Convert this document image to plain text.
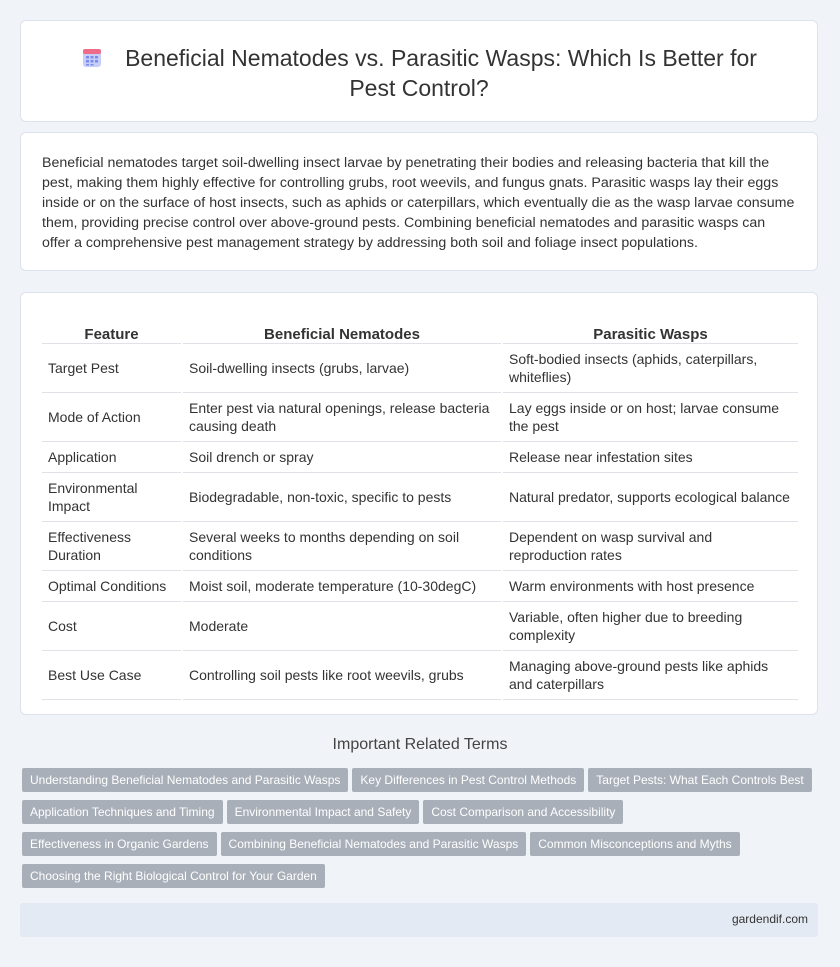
Beneficial Nematodes vs. Parasitic Wasps: Which Is Better for Pest Control?
Beneficial nematodes target soil-dwelling insect larvae by penetrating their bodies and releasing bacteria that kill the pest, making them highly effective for controlling grubs, root weevils, and fungus gnats. Parasitic wasps lay their eggs inside or on the surface of host insects, such as aphids or caterpillars, which eventually die as the wasp larvae consume them, providing precise control over above-ground pests. Combining beneficial nematodes and parasitic wasps can offer a comprehensive pest management strategy by addressing both soil and foliage insect populations.
Feature	Beneficial Nematodes	Parasitic Wasps
Target Pest	Soil-dwelling insects (grubs, larvae)	Soft-bodied insects (aphids, caterpillars, whiteflies)
Mode of Action	Enter pest via natural openings, release bacteria causing death	Lay eggs inside or on host; larvae consume the pest
Application	Soil drench or spray	Release near infestation sites
Environmental Impact	Biodegradable, non-toxic, specific to pests	Natural predator, supports ecological balance
Effectiveness Duration	Several weeks to months depending on soil conditions	Dependent on wasp survival and reproduction rates
Optimal Conditions	Moist soil, moderate temperature (10-30degC)	Warm environments with host presence
Cost	Moderate	Variable, often higher due to breeding complexity
Best Use Case	Controlling soil pests like root weevils, grubs	Managing above-ground pests like aphids and caterpillars
Important Related Terms
Understanding Beneficial Nematodes and Parasitic Wasps Key Differences in Pest Control Methods Target Pests: What Each Controls Best
Application Techniques and Timing Environmental Impact and Safety Cost Comparison and Accessibility
Effectiveness in Organic Gardens Combining Beneficial Nematodes and Parasitic Wasps Common Misconceptions and Myths
Choosing the Right Biological Control for Your Garden
gardendif.com
